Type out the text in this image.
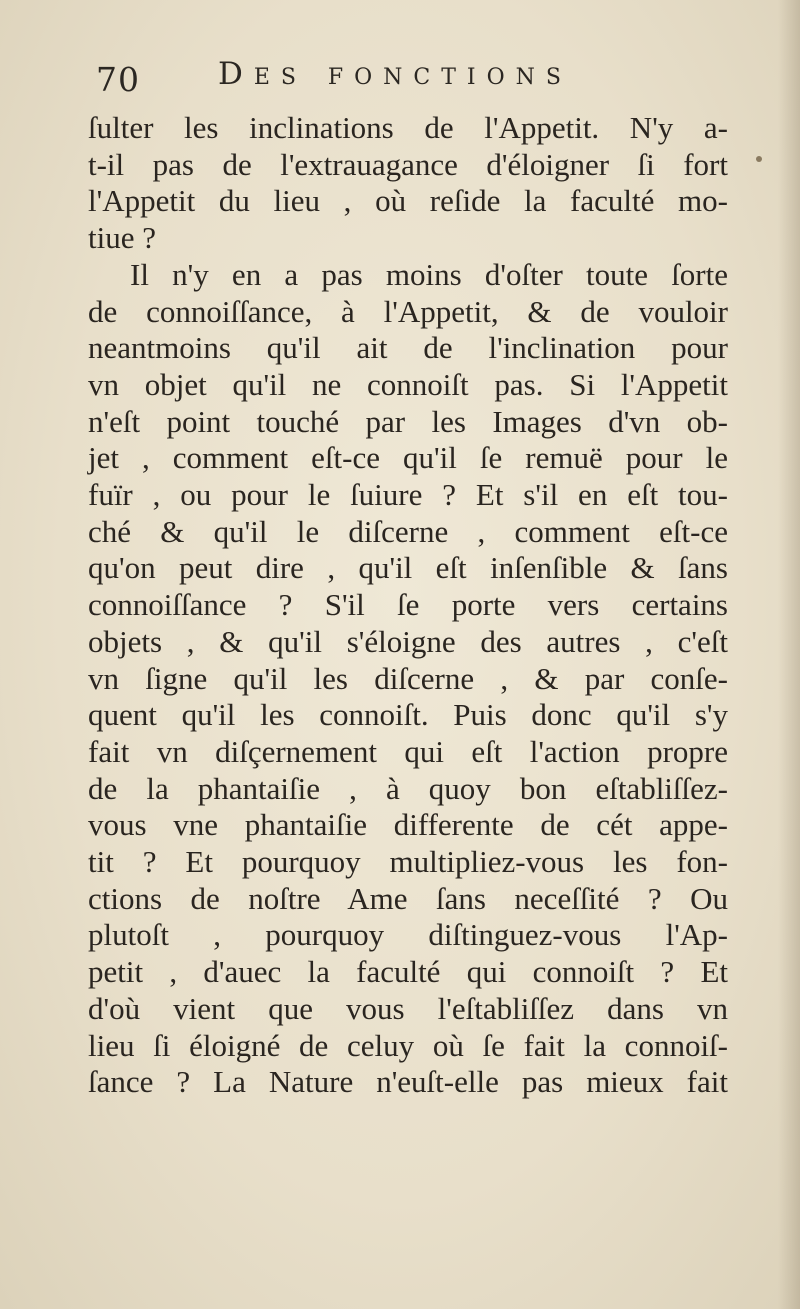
70	Des fonctions
ſulter les inclinations de l'Appetit. N'y a-
t-il pas de l'extrauagance d'éloigner ſi fort
l'Appetit du lieu , où reſide la faculté mo-
tiue ?
Il n'y en a pas moins d'oſter toute ſorte
de connoiſſance, à l'Appetit, & de vouloir
neantmoins qu'il ait de l'inclination pour
vn objet qu'il ne connoiſt pas. Si l'Appetit
n'eſt point touché par les Images d'vn ob-
jet , comment eſt-ce qu'il ſe remuë pour le
fuïr , ou pour le ſuiure ? Et s'il en eſt tou-
ché & qu'il le diſcerne , comment eſt-ce
qu'on peut dire , qu'il eſt inſenſible & ſans
connoiſſance ? S'il ſe porte vers certains
objets , & qu'il s'éloigne des autres , c'eſt
vn ſigne qu'il les diſcerne , & par conſe-
quent qu'il les connoiſt. Puis donc qu'il s'y
fait vn diſçernement qui eſt l'action propre
de la phantaiſie , à quoy bon eſtabliſſez-
vous vne phantaiſie differente de cét appe-
tit ? Et pourquoy multipliez-vous les fon-
ctions de noſtre Ame ſans neceſſité ? Ou
plutoſt , pourquoy diſtinguez-vous l'Ap-
petit , d'auec la faculté qui connoiſt ? Et
d'où vient que vous l'eſtabliſſez dans vn
lieu ſi éloigné de celuy où ſe fait la connoiſ-
ſance ? La Nature n'euſt-elle pas mieux fait
